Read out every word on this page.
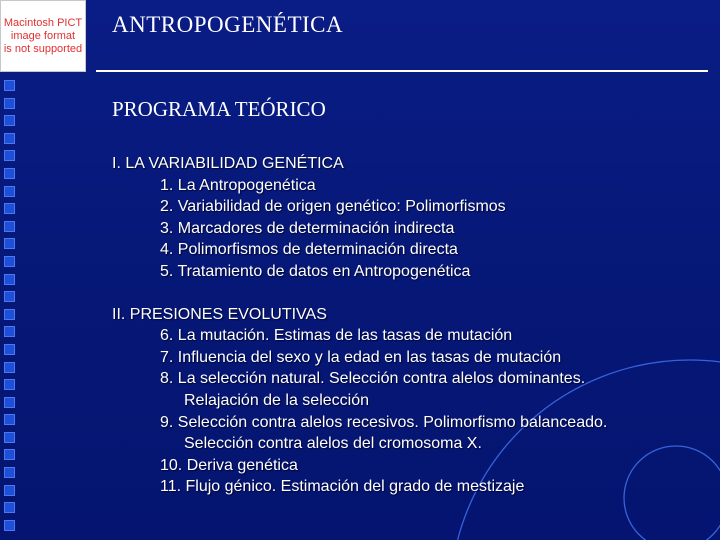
Macintosh PICT
image format
is not supported
ANTROPOGENÉTICA
PROGRAMA TEÓRICO
I. LA VARIABILIDAD GENÉTICA
1. La Antropogenética
2. Variabilidad de origen genético: Polimorfismos
3. Marcadores de determinación indirecta
4. Polimorfismos de determinación directa
5. Tratamiento de datos en Antropogenética
II. PRESIONES EVOLUTIVAS
6. La mutación. Estimas de las tasas de mutación
7. Influencia del sexo y la edad en las tasas de mutación
8. La selección natural. Selección contra alelos dominantes.
Relajación de la selección
9. Selección contra alelos recesivos. Polimorfismo balanceado.
Selección contra alelos del cromosoma X.
10. Deriva genética
11. Flujo génico. Estimación del grado de mestizaje
